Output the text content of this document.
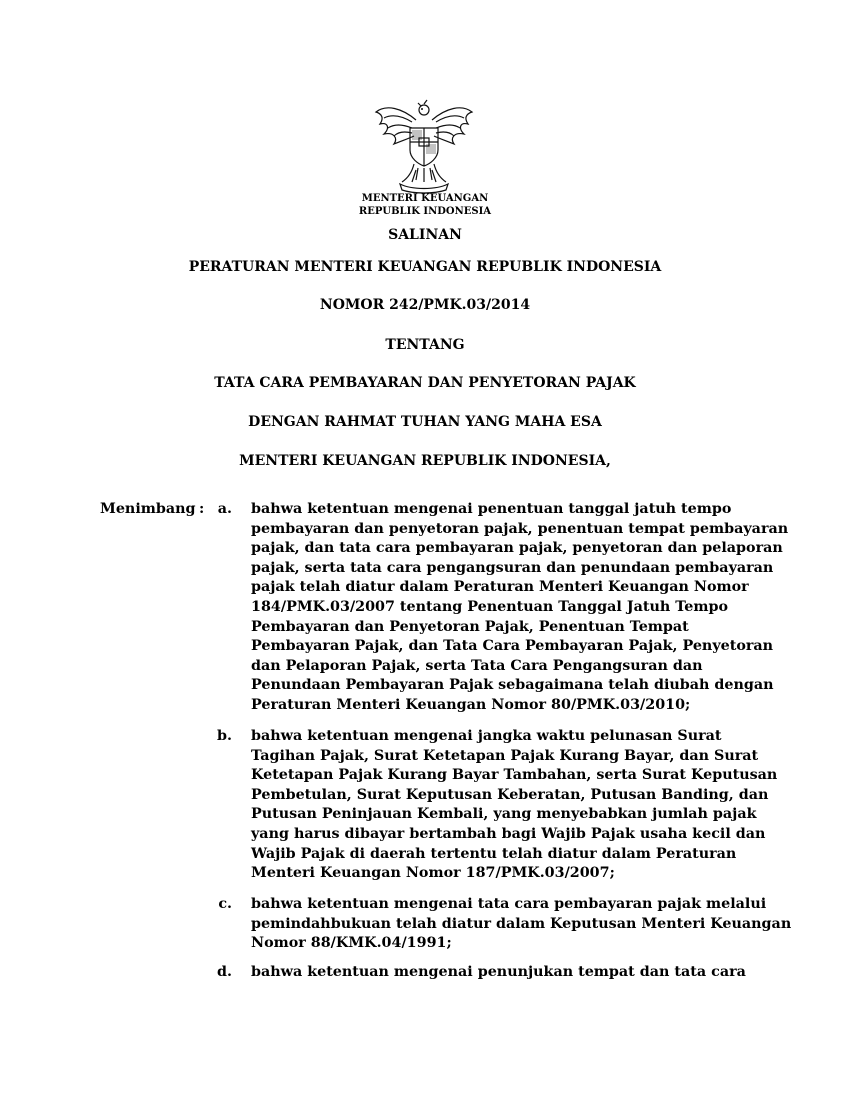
MENTERI KEUANGAN
REPUBLIK INDONESIA
SALINAN
PERATURAN MENTERI KEUANGAN REPUBLIK INDONESIA
NOMOR 242/PMK.03/2014
TENTANG
TATA CARA PEMBAYARAN DAN PENYETORAN PAJAK
DENGAN RAHMAT TUHAN YANG MAHA ESA
MENTERI KEUANGAN REPUBLIK INDONESIA,
Menimbang : a. bahwa ketentuan mengenai penentuan tanggal jatuh tempo
pembayaran dan penyetoran pajak, penentuan tempat pembayaran
pajak, dan tata cara pembayaran pajak, penyetoran dan pelaporan
pajak, serta tata cara pengangsuran dan penundaan pembayaran
pajak telah diatur dalam Peraturan Menteri Keuangan Nomor
184/PMK.03/2007 tentang Penentuan Tanggal Jatuh Tempo
Pembayaran dan Penyetoran Pajak, Penentuan Tempat
Pembayaran Pajak, dan Tata Cara Pembayaran Pajak, Penyetoran
dan Pelaporan Pajak, serta Tata Cara Pengangsuran dan
Penundaan Pembayaran Pajak sebagaimana telah diubah dengan
Peraturan Menteri Keuangan Nomor 80/PMK.03/2010;
b. bahwa ketentuan mengenai jangka waktu pelunasan Surat
Tagihan Pajak, Surat Ketetapan Pajak Kurang Bayar, dan Surat
Ketetapan Pajak Kurang Bayar Tambahan, serta Surat Keputusan
Pembetulan, Surat Keputusan Keberatan, Putusan Banding, dan
Putusan Peninjauan Kembali, yang menyebabkan jumlah pajak
yang harus dibayar bertambah bagi Wajib Pajak usaha kecil dan
Wajib Pajak di daerah tertentu telah diatur dalam Peraturan
Menteri Keuangan Nomor 187/PMK.03/2007;
c. bahwa ketentuan mengenai tata cara pembayaran pajak melalui
pemindahbukuan telah diatur dalam Keputusan Menteri Keuangan
Nomor 88/KMK.04/1991;
d. bahwa ketentuan mengenai penunjukan tempat dan tata cara
